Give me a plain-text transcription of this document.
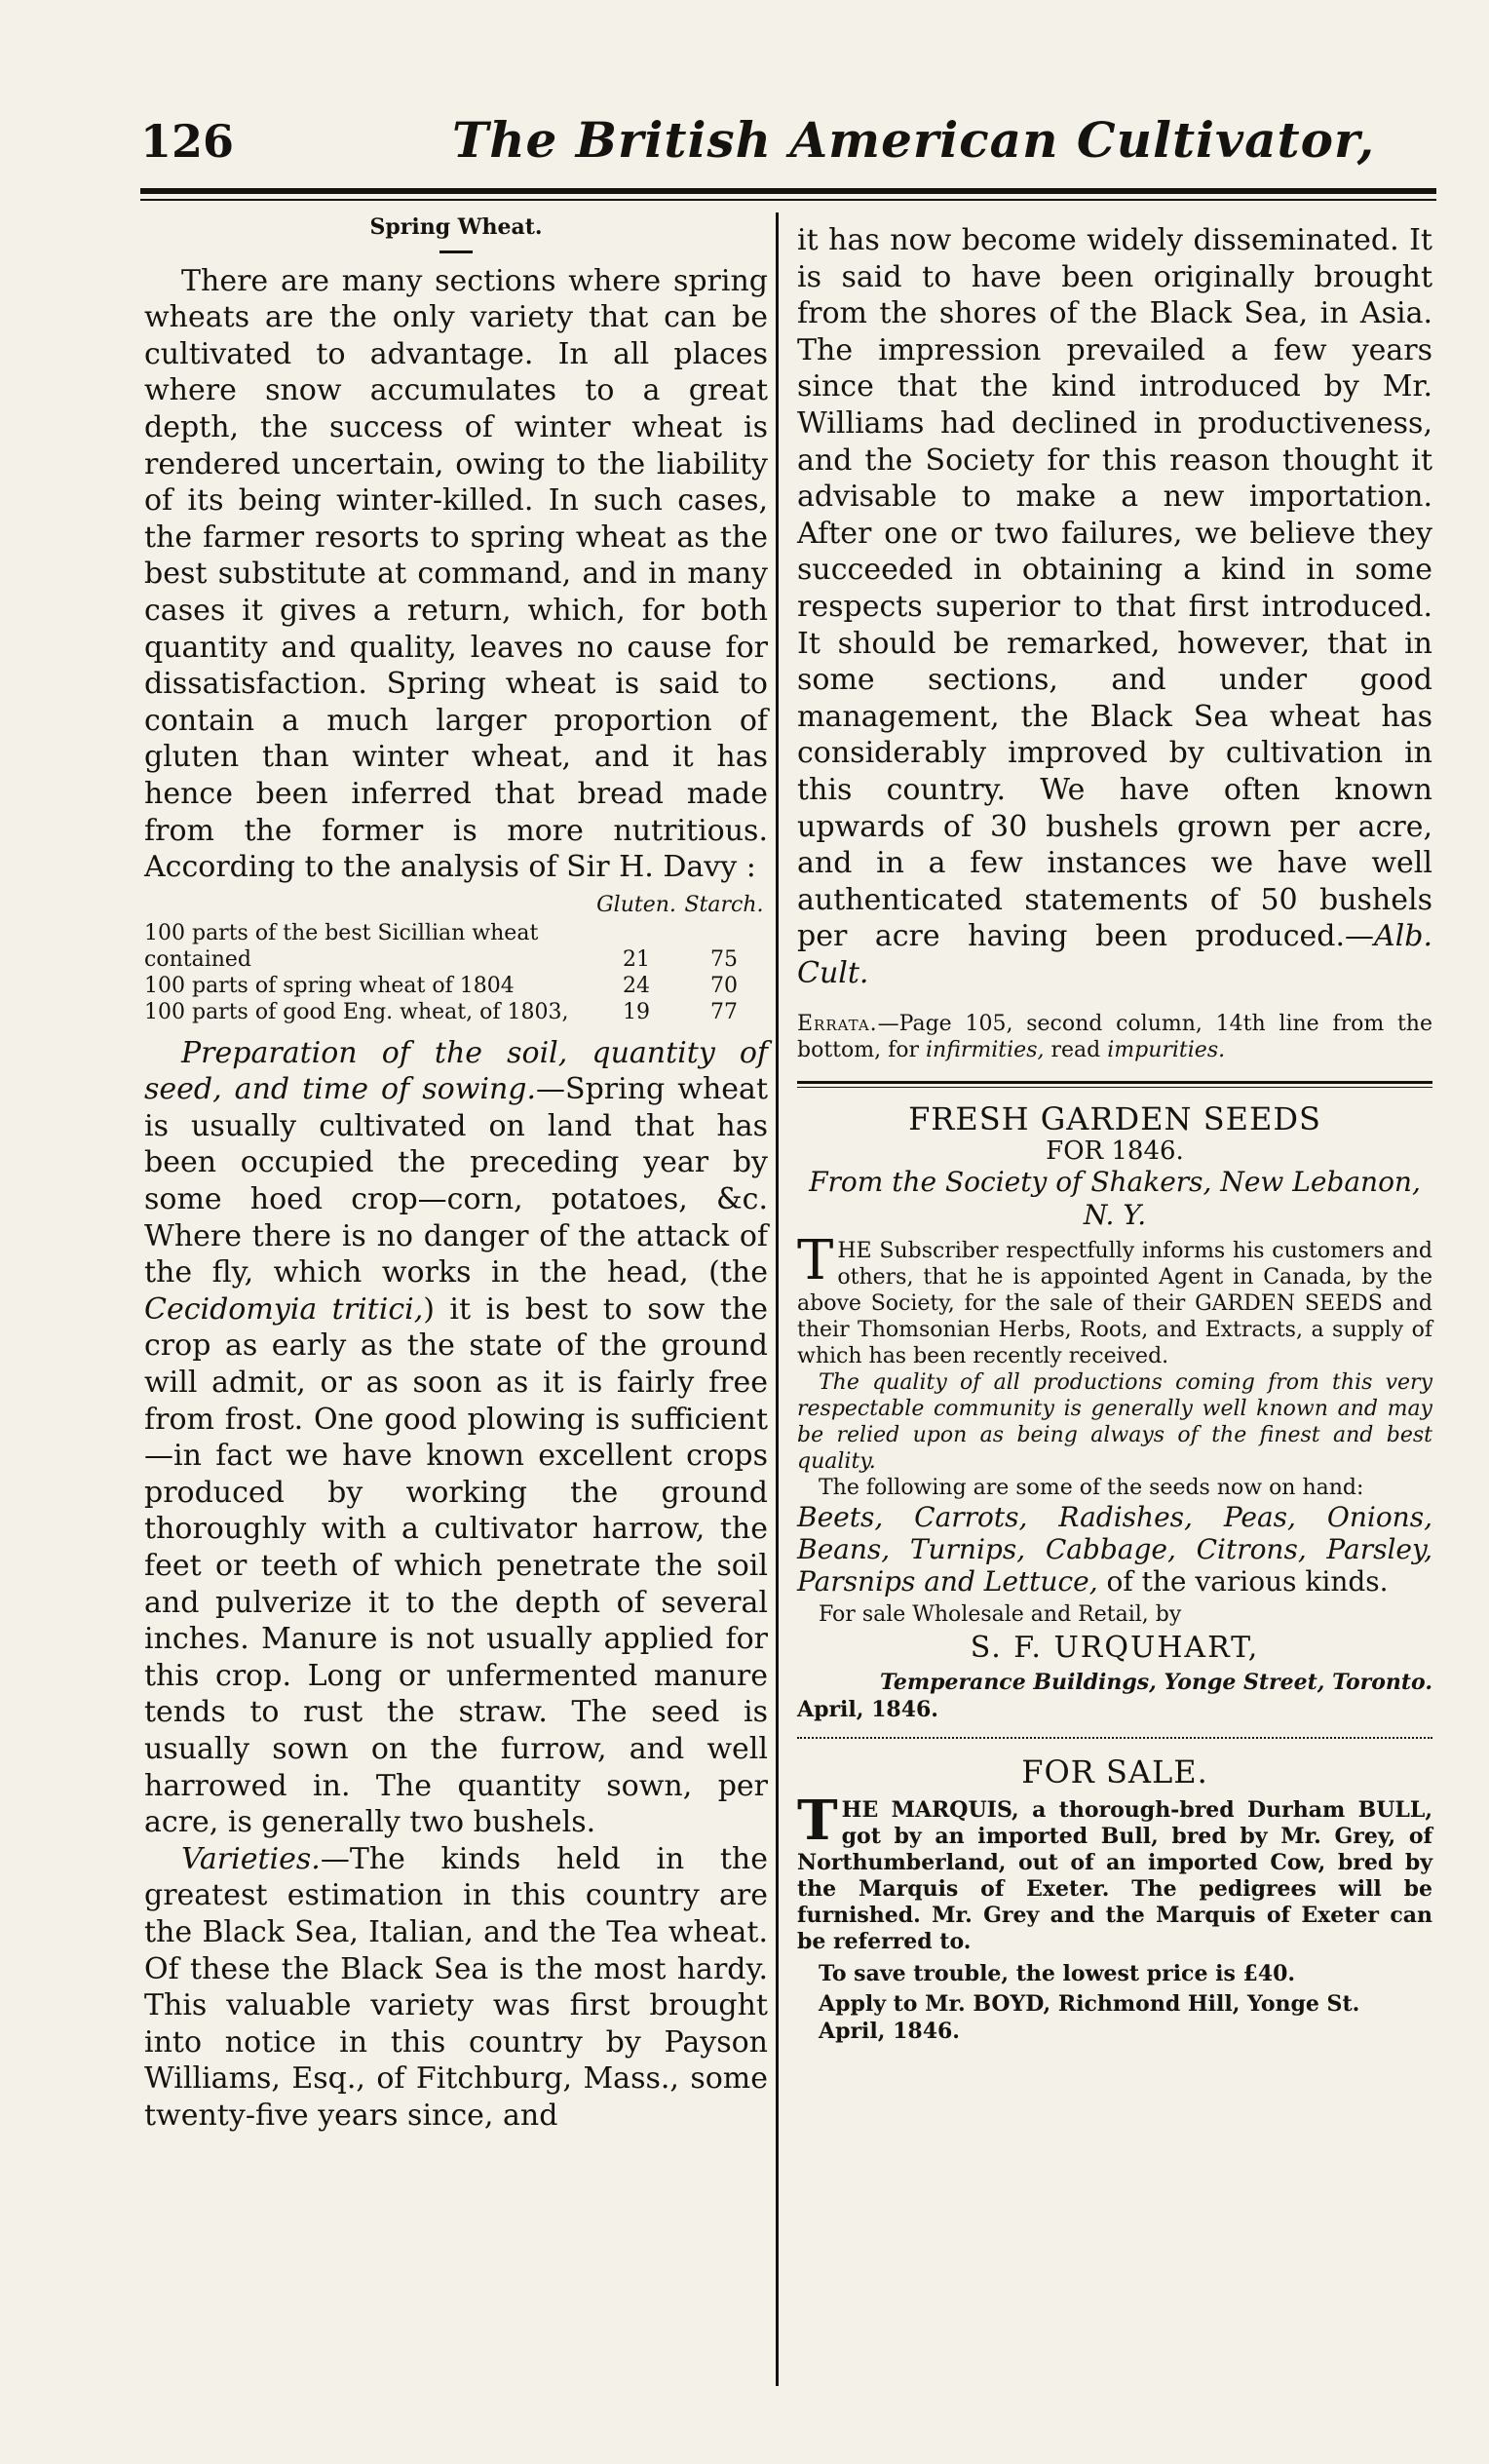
126	The British American Cultivator,
Spring Wheat.

There are many sections where spring wheats are the only variety that can be cultivated to advantage. In all places where snow accumulates to a great depth, the success of winter wheat is rendered uncertain, owing to the liability of its being winter-killed. In such cases, the farmer resorts to spring wheat as the best substitute at command, and in many cases it gives a return, which, for both quantity and quality, leaves no cause for dissatisfaction. Spring wheat is said to contain a much larger proportion of gluten than winter wheat, and it has hence been inferred that bread made from the former is more nutritious. According to the analysis of Sir H. Davy :

	Gluten.	Starch.
100 parts of the best Sicillian wheat contained	21	75
100 parts of spring wheat of 1804	24	70
100 parts of good Eng. wheat, of 1803,	19	77

Preparation of the soil, quantity of seed, and time of sowing.—Spring wheat is usually cultivated on land that has been occupied the preceding year by some hoed crop—corn, potatoes, &c. Where there is no danger of the attack of the fly, which works in the head, (the Cecidomyia tritici,) it is best to sow the crop as early as the state of the ground will admit, or as soon as it is fairly free from frost. One good plowing is sufficient—in fact we have known excellent crops produced by working the ground thoroughly with a cultivator harrow, the feet or teeth of which penetrate the soil and pulverize it to the depth of several inches. Manure is not usually applied for this crop. Long or unfermented manure tends to rust the straw. The seed is usually sown on the furrow, and well harrowed in. The quantity sown, per acre, is generally two bushels.

Varieties.—The kinds held in the greatest estimation in this country are the Black Sea, Italian, and the Tea wheat. Of these the Black Sea is the most hardy. This valuable variety was first brought into notice in this country by Payson Williams, Esq., of Fitchburg, Mass., some twenty-five years since, and

it has now become widely disseminated. It is said to have been originally brought from the shores of the Black Sea, in Asia. The impression prevailed a few years since that the kind introduced by Mr. Williams had declined in productiveness, and the Society for this reason thought it advisable to make a new importation. After one or two failures, we believe they succeeded in obtaining a kind in some respects superior to that first introduced. It should be remarked, however, that in some sections, and under good management, the Black Sea wheat has considerably improved by cultivation in this country. We have often known upwards of 30 bushels grown per acre, and in a few instances we have well authenticated statements of 50 bushels per acre having been produced.—Alb. Cult.

Errata.—Page 105, second column, 14th line from the bottom, for infirmities, read impurities.
FRESH GARDEN SEEDS
FOR 1846.
From the Society of Shakers, New Lebanon, N. Y.

THE Subscriber respectfully informs his customers and others, that he is appointed Agent in Canada, by the above Society, for the sale of their GARDEN SEEDS and their Thomsonian Herbs, Roots, and Extracts, a supply of which has been recently received.

The quality of all productions coming from this very respectable community is generally well known and may be relied upon as being always of the finest and best quality.

The following are some of the seeds now on hand:

Beets, Carrots, Radishes, Peas, Onions, Beans, Turnips, Cabbage, Citrons, Parsley, Parsnips and Lettuce, of the various kinds.

For sale Wholesale and Retail, by

S. F. URQUHART,
Temperance Buildings, Yonge Street, Toronto.
April, 1846.
FOR SALE.

THE MARQUIS, a thorough-bred Durham BULL, got by an imported Bull, bred by Mr. Grey, of Northumberland, out of an imported Cow, bred by the Marquis of Exeter. The pedigrees will be furnished. Mr. Grey and the Marquis of Exeter can be referred to.

To save trouble, the lowest price is £40.

Apply to Mr. BOYD, Richmond Hill, Yonge St.

April, 1846.
